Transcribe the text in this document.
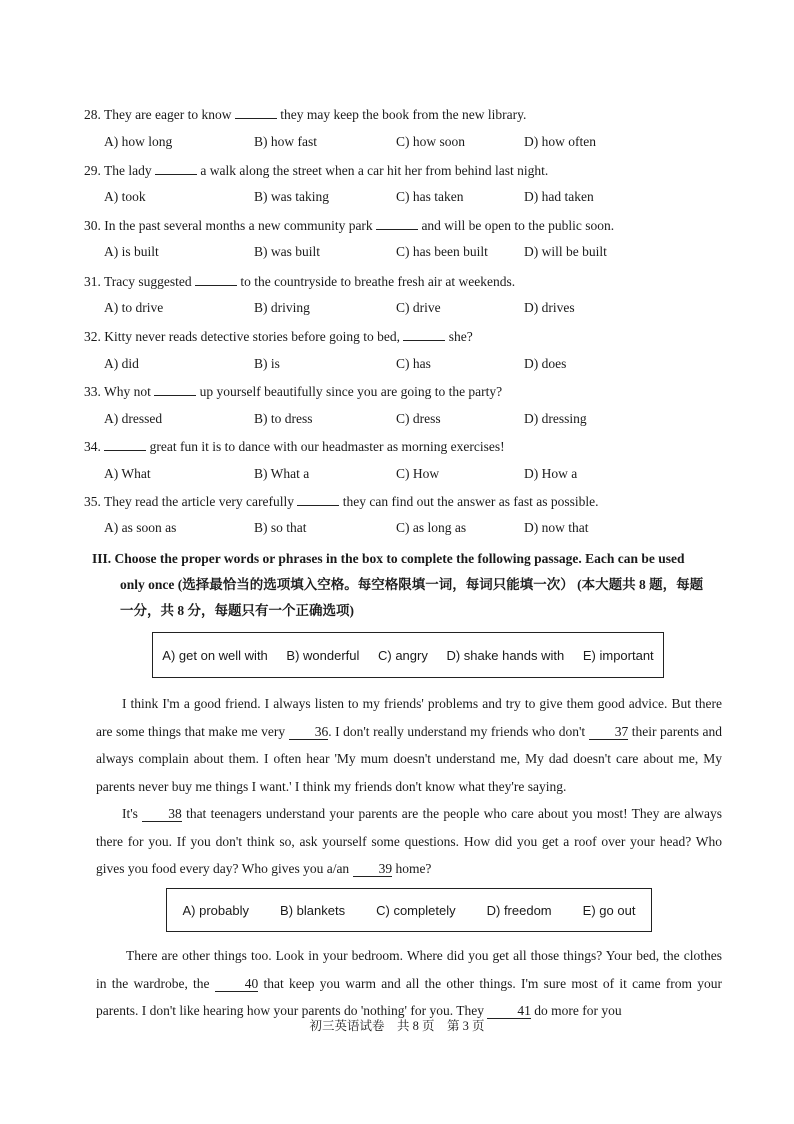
28. They are eager to know	they may keep the book from the new library.
A) how long	B) how fast	C) how soon	D) how often
29. The lady	a walk along the street when a car hit her from behind last night.
A) took	B) was taking	C) has taken	D) had taken
30. In the past several months a new community park	and will be open to the public soon.
A) is built	B) was built	C) has been built	D) will be built
31. Tracy suggested	to the countryside to breathe fresh air at weekends.
A) to drive	B) driving	C) drive	D) drives
32. Kitty never reads detective stories before going to bed,	she?
A) did	B) is	C) has	D) does
33. Why not	up yourself beautifully since you are going to the party?
A) dressed	B) to dress	C) dress	D) dressing
34.	great fun it is to dance with our headmaster as morning exercises!
A) What	B) What a	C) How	D) How a
35. They read the article very carefully	they can find out the answer as fast as possible.
A) as soon as	B) so that	C) as long as	D) now that
III. Choose the proper words or phrases in the box to complete the following passage. Each can be used
only once (选择最恰当的选项填入空格。每空格限填一词，每词只能填一次） (本大题共 8 题，每题
一分，共 8 分，每题只有一个正确选项)
A) get on well with B) wonderful C) angry D) shake hands with E) important
I think I'm a good friend. I always listen to my friends' problems and try to give them good advice. But there are some things that make me very 36. I don't really understand my friends who don't 37 their parents and always complain about them. I often hear 'My mum doesn't understand me, My dad doesn't care about me, My parents never buy me things I want.' I think my friends don't know what they're saying.
It's 38 that teenagers understand your parents are the people who care about you most! They are always there for you. If you don't think so, ask yourself some questions. How did you get a roof over your head? Who gives you food every day? Who gives you a/an 39 home?
A) probably B) blankets C) completely D) freedom E) go out
There are other things too. Look in your bedroom. Where did you get all those things? Your bed, the clothes in the wardrobe, the	40 that keep you warm and all the other things. I'm sure most of it came from your parents. I don't like hearing how your parents do 'nothing' for you. They 41 do more for you
初三英语试卷　共 8 页　第 3 页
